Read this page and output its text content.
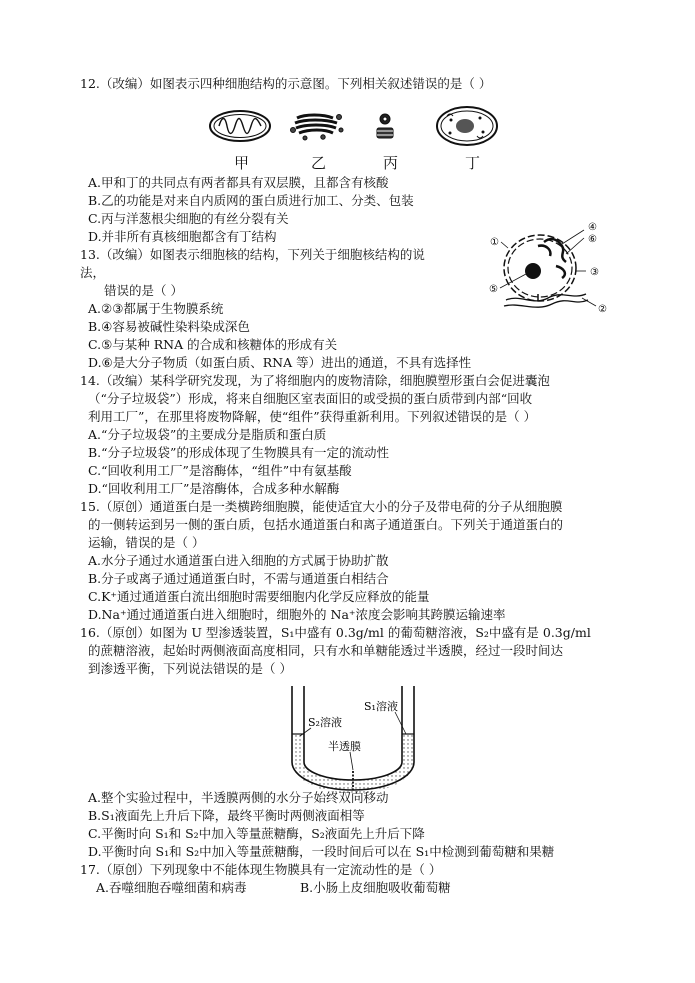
12.（改编）如图表示四种细胞结构的示意图。下列相关叙述错误的是（ ）
甲	乙	丙	丁
A.甲和丁的共同点有两者都具有双层膜，且都含有核酸
B.乙的功能是对来自内质网的蛋白质进行加工、分类、包装
C.丙与洋葱根尖细胞的有丝分裂有关
D.并非所有真核细胞都含有丁结构
13.（改编）如图表示细胞核的结构，下列关于细胞核结构的说
法，
错误的是（ ）
①
④
⑥
③
⑤
②
A.②③都属于生物膜系统
B.④容易被碱性染料染成深色
C.⑤与某种 RNA 的合成和核糖体的形成有关
D.⑥是大分子物质（如蛋白质、RNA 等）进出的通道，不具有选择性
14.（改编）某科学研究发现，为了将细胞内的废物清除，细胞膜塑形蛋白会促进囊泡
（“分子垃圾袋”）形成，将来自细胞区室表面旧的或受损的蛋白质带到内部“回收
利用工厂”，在那里将废物降解，使“组件”获得重新利用。下列叙述错误的是（ ）
A.“分子垃圾袋”的主要成分是脂质和蛋白质
B.“分子垃圾袋”的形成体现了生物膜具有一定的流动性
C.“回收利用工厂”是溶酶体，“组件”中有氨基酸
D.“回收利用工厂”是溶酶体，合成多种水解酶
15.（原创）通道蛋白是一类横跨细胞膜，能使适宜大小的分子及带电荷的分子从细胞膜
的一侧转运到另一侧的蛋白质，包括水通道蛋白和离子通道蛋白。下列关于通道蛋白的
运输，错误的是（ ）
A.水分子通过水通道蛋白进入细胞的方式属于协助扩散
B.分子或离子通过通道蛋白时，不需与通道蛋白相结合
C.K⁺通过通道蛋白流出细胞时需要细胞内化学反应释放的能量
D.Na⁺通过通道蛋白进入细胞时，细胞外的 Na⁺浓度会影响其跨膜运输速率
16.（原创）如图为 U 型渗透装置，S₁中盛有 0.3g/ml 的葡萄糖溶液，S₂中盛有是 0.3g/ml
的蔗糖溶液，起始时两侧液面高度相同，只有水和单糖能透过半透膜，经过一段时间达
到渗透平衡，下列说法错误的是（ ）
S₂溶液
S₁溶液
半透膜
A.整个实验过程中，半透膜两侧的水分子始终双向移动
B.S₁液面先上升后下降，最终平衡时两侧液面相等
C.平衡时向 S₁和 S₂中加入等量蔗糖酶，S₂液面先上升后下降
D.平衡时向 S₁和 S₂中加入等量蔗糖酶，一段时间后可以在 S₁中检测到葡萄糖和果糖
17.（原创）下列现象中不能体现生物膜具有一定流动性的是（ ）
A.吞噬细胞吞噬细菌和病毒	B.小肠上皮细胞吸收葡萄糖
